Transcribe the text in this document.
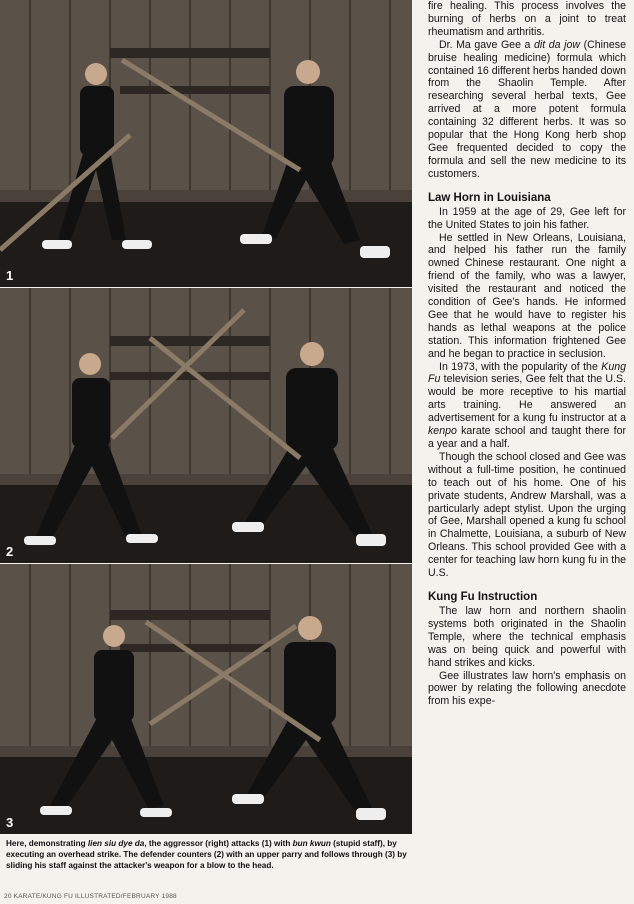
1
2
3
Here, demonstrating lien siu dye da, the aggressor (right) attacks (1) with bun kwun (stupid staff), by executing an overhead strike. The defender counters (2) with an upper parry and follows through (3) by sliding his staff against the attacker's weapon for a blow to the head.

fire healing. This process involves the burning of herbs on a joint to treat rheumatism and arthritis.

Dr. Ma gave Gee a dit da jow (Chinese bruise healing medicine) formula which contained 16 different herbs handed down from the Shaolin Temple. After researching several herbal texts, Gee arrived at a more potent formula containing 32 different herbs. It was so popular that the Hong Kong herb shop Gee frequented decided to copy the formula and sell the new medicine to its customers.

Law Horn in Louisiana

In 1959 at the age of 29, Gee left for the United States to join his father.

He settled in New Orleans, Louisiana, and helped his father run the family owned Chinese restaurant. One night a friend of the family, who was a lawyer, visited the restaurant and noticed the condition of Gee's hands. He informed Gee that he would have to register his hands as lethal weapons at the police station. This information frightened Gee and he began to practice in seclusion.

In 1973, with the popularity of the Kung Fu television series, Gee felt that the U.S. would be more receptive to his martial arts training. He answered an advertisement for a kung fu instructor at a kenpo karate school and taught there for a year and a half.

Though the school closed and Gee was without a full-time position, he continued to teach out of his home. One of his private students, Andrew Marshall, was a particularly adept stylist. Upon the urging of Gee, Marshall opened a kung fu school in Chalmette, Louisiana, a suburb of New Orleans. This school provided Gee with a center for teaching law horn kung fu in the U.S.

Kung Fu Instruction

The law horn and northern shaolin systems both originated in the Shaolin Temple, where the technical emphasis was on being quick and powerful with hand strikes and kicks.

Gee illustrates law horn's emphasis on power by relating the following anecdote from his expe-

20 KARATE/KUNG FU ILLUSTRATED/FEBRUARY 1988
